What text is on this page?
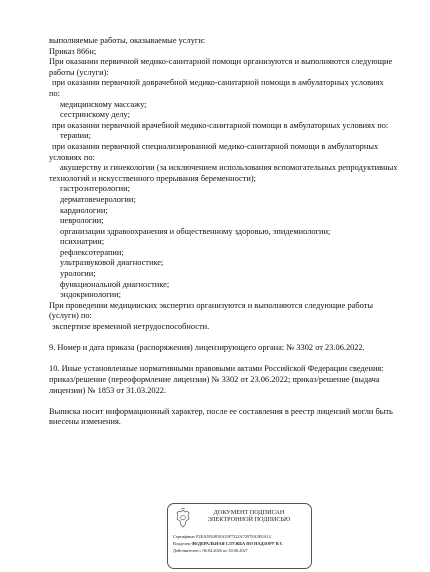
выполняемые работы, оказываемые услуги:

Приказ 866н;

При оказании первичной медико-санитарной помощи организуются и выполняются следующие

работы (услуги):

при оказании первичной доврачебной медико-санитарной помощи в амбулаторных условиях

по:

медицинскому массажу;

сестринскому делу;

при оказании первичной врачебной медико-санитарной помощи в амбулаторных условиях по:

терапии;

при оказании первичной специализированной медико-санитарной помощи в амбулаторных

условиях по:

акушерству и гинекологии (за исключением использования вспомогательных репродуктивных

технологий и искусственного прерывания беременности);

гастроэнтерологии;

дерматовенерологии;

кардиологии;

неврологии;

организации здравоохранения и общественному здоровью, эпидемиологии;

психиатрии;

рефлексотерапии;

ультразвуковой диагностике;

урологии;

функциональной диагностике;

эндокринологии;

При проведении медицинских экспертиз организуются и выполняются следующие работы

(услуги) по:

экспертизе временной нетрудоспособности.

9. Номер и дата приказа (распоряжения) лицензирующего органа: № 3302 от 23.06.2022.

10. Иные установленные нормативными правовыми актами Российской Федерации сведения:

приказ/решение (переоформление лицензии) № 3302 от 23.06.2022; приказ/решение (выдача

лицензии) № 1853 от 31.03.2022.

Выписка носит информационный характер, после ее составления в реестр лицензий могли быть

внесены изменения.

ДОКУМЕНТ ПОДПИСАН
ЭЛЕКТРОННОЙ ПОДПИСЬЮ
Сертификат F2EA5954818A35F7222A72978A5E0A12
Владелец ФЕДЕРАЛЬНАЯ СЛУЖБА ПО НАДЗОРУ В С
Действителен с 06.04.2026 по 30.06.2027
